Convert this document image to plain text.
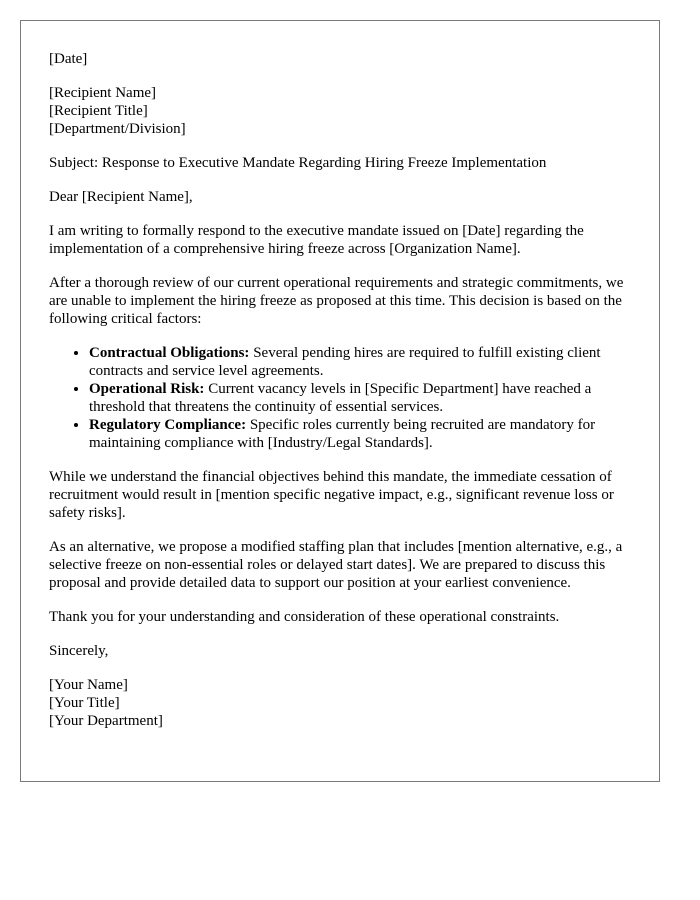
[Date]

[Recipient Name]
[Recipient Title]
[Department/Division]

Subject: Response to Executive Mandate Regarding Hiring Freeze Implementation

Dear [Recipient Name],

I am writing to formally respond to the executive mandate issued on [Date] regarding the implementation of a comprehensive hiring freeze across [Organization Name].

After a thorough review of our current operational requirements and strategic commitments, we are unable to implement the hiring freeze as proposed at this time. This decision is based on the following critical factors:

• Contractual Obligations: Several pending hires are required to fulfill existing client contracts and service level agreements.
• Operational Risk: Current vacancy levels in [Specific Department] have reached a threshold that threatens the continuity of essential services.
• Regulatory Compliance: Specific roles currently being recruited are mandatory for maintaining compliance with [Industry/Legal Standards].

While we understand the financial objectives behind this mandate, the immediate cessation of recruitment would result in [mention specific negative impact, e.g., significant revenue loss or safety risks].

As an alternative, we propose a modified staffing plan that includes [mention alternative, e.g., a selective freeze on non-essential roles or delayed start dates]. We are prepared to discuss this proposal and provide detailed data to support our position at your earliest convenience.

Thank you for your understanding and consideration of these operational constraints.

Sincerely,

[Your Name]
[Your Title]
[Your Department]
